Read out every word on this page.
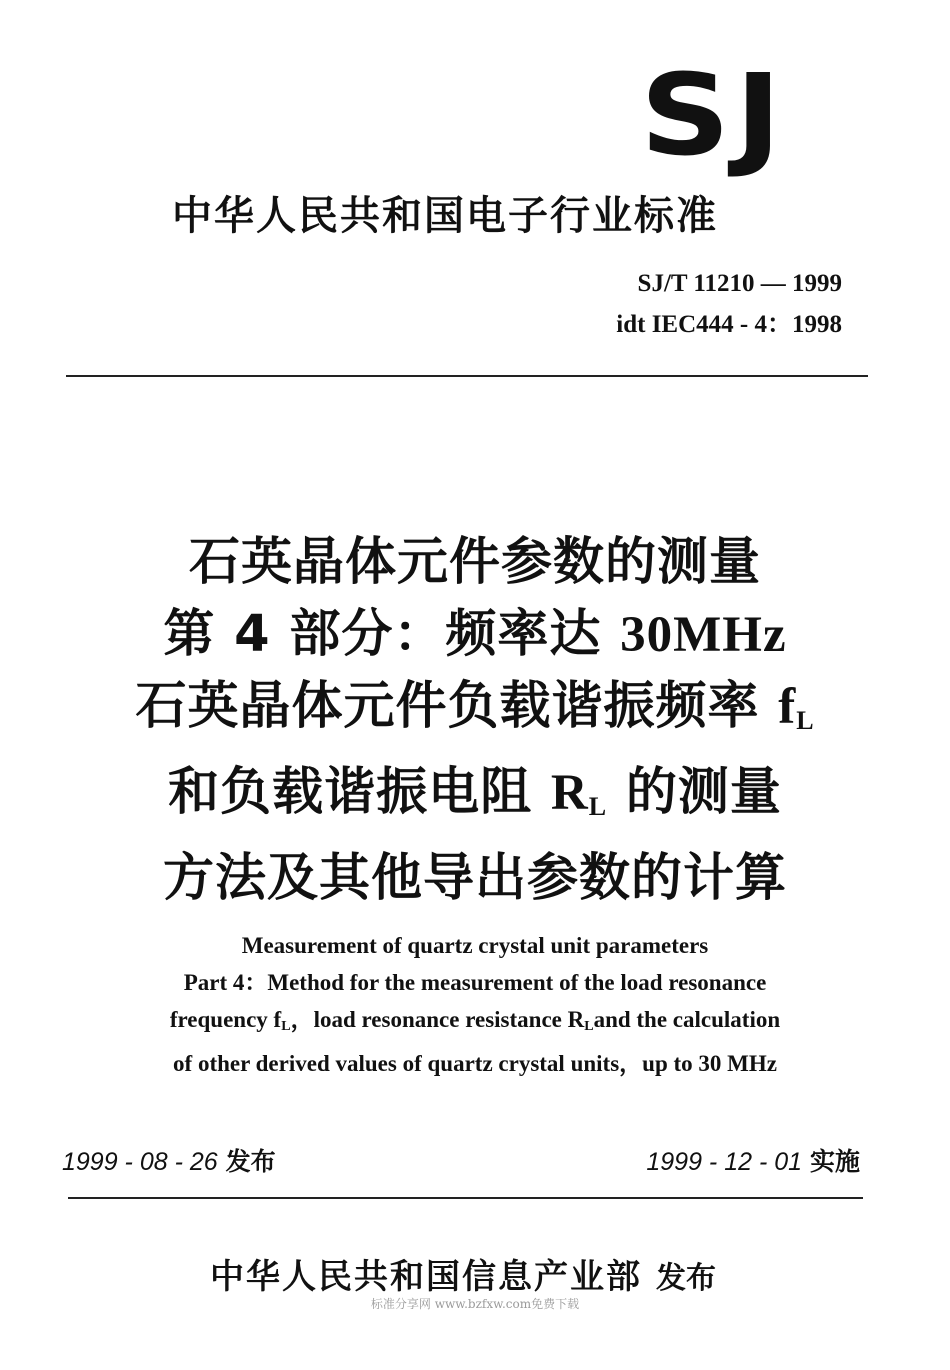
SJ
中华人民共和国电子行业标准
SJ/T 11210 — 1999
idt IEC444 - 4：1998
石英晶体元件参数的测量
第 4 部分：频率达 30MHz
石英晶体元件负载谐振频率 $f_L$
和负载谐振电阻 $R_L$ 的测量
方法及其他导出参数的计算
Measurement of quartz crystal unit parameters
Part 4：Method for the measurement of the load resonance
frequency $f_L$，load resonance resistance $R_Land$ the calculation
of other derived values of quartz crystal units，up to 30 MHz
1999 - 08 - 26 发布	1999 - 12 - 01 实施
中华人民共和国信息产业部 发布
标准分享网 www.bzfxw.com免费下载
